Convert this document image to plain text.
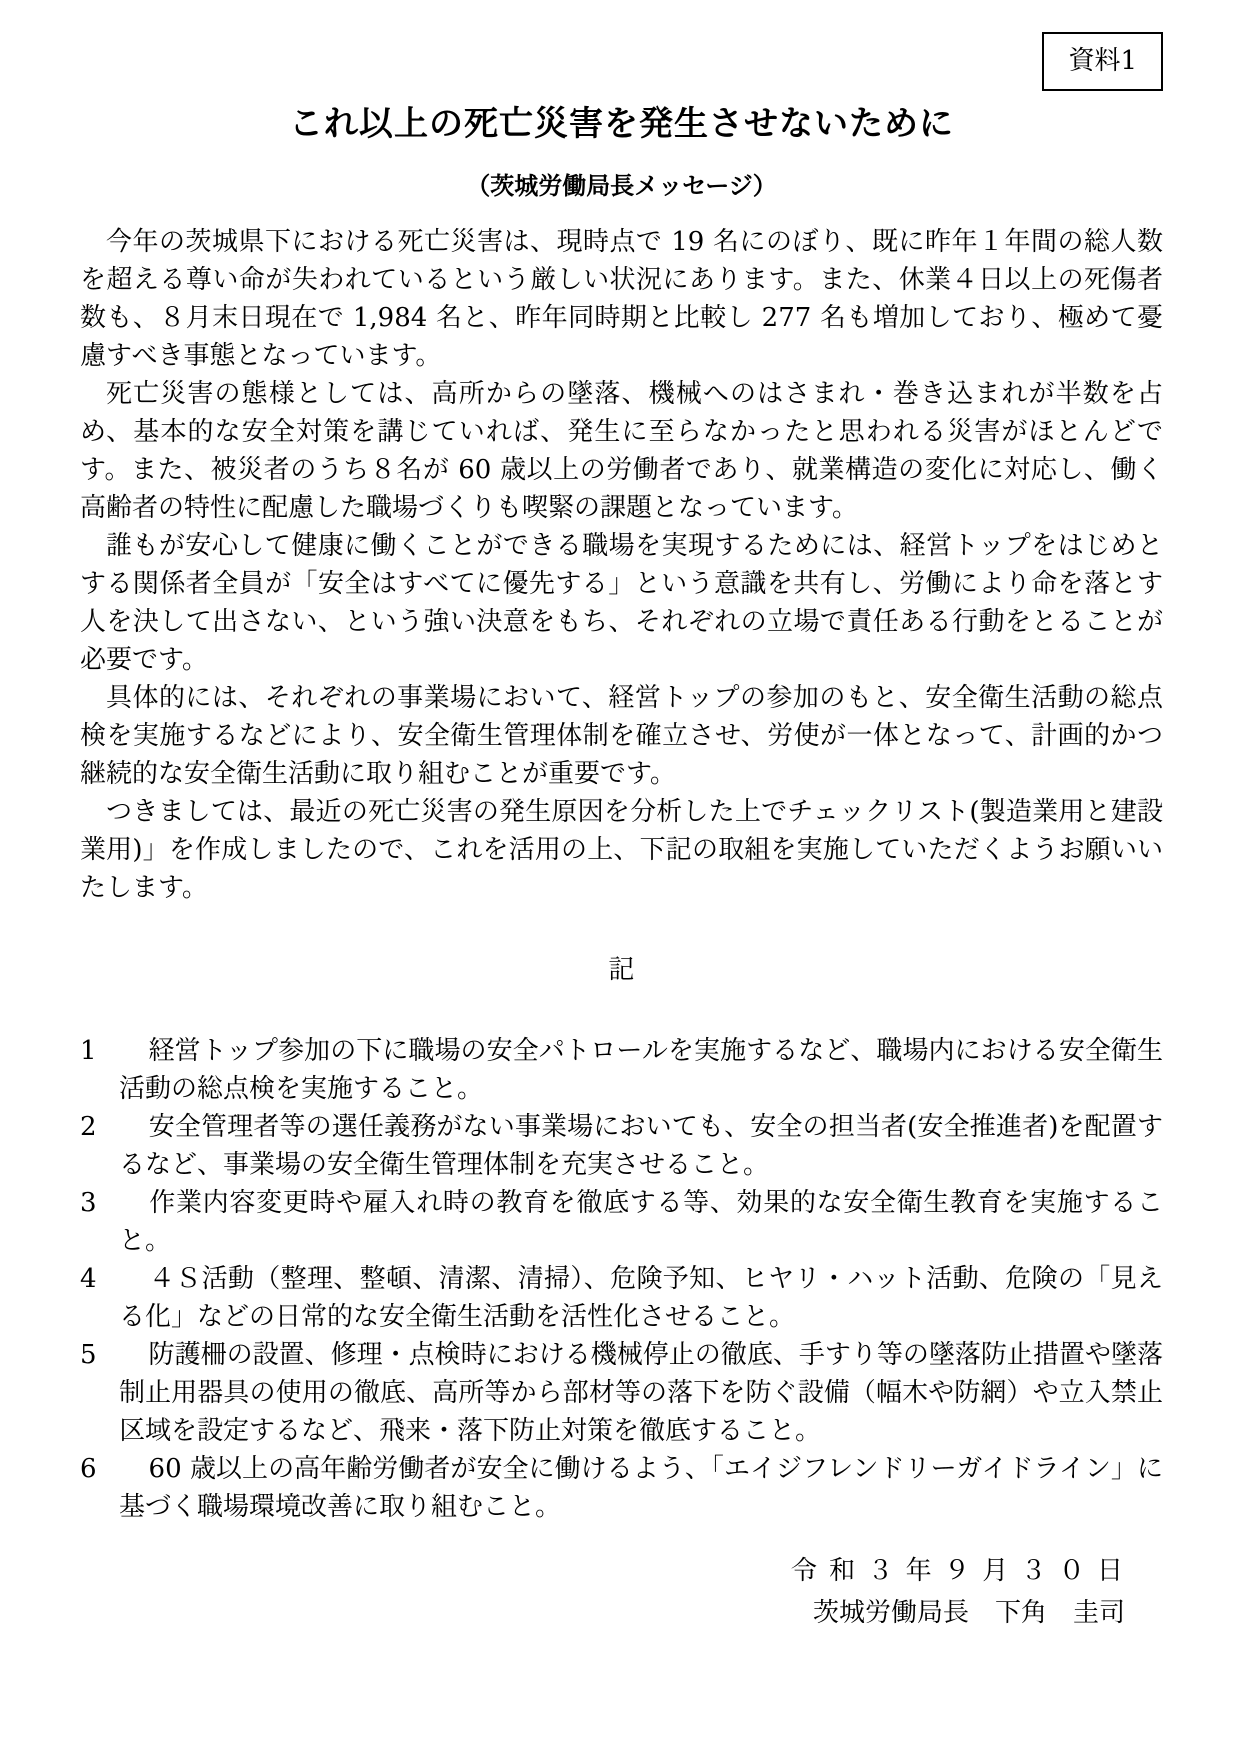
資料1
これ以上の死亡災害を発生させないために
（茨城労働局長メッセージ）

今年の茨城県下における死亡災害は、現時点で 19 名にのぼり、既に昨年１年間の総人数を超える尊い命が失われているという厳しい状況にあります。また、休業４日以上の死傷者数も、８月末日現在で 1,984 名と、昨年同時期と比較し 277 名も増加しており、極めて憂慮すべき事態となっています。

死亡災害の態様としては、高所からの墜落、機械へのはさまれ・巻き込まれが半数を占め、基本的な安全対策を講じていれば、発生に至らなかったと思われる災害がほとんどです。また、被災者のうち８名が 60 歳以上の労働者であり、就業構造の変化に対応し、働く高齢者の特性に配慮した職場づくりも喫緊の課題となっています。

誰もが安心して健康に働くことができる職場を実現するためには、経営トップをはじめとする関係者全員が「安全はすべてに優先する」という意識を共有し、労働により命を落とす人を決して出さない、という強い決意をもち、それぞれの立場で責任ある行動をとることが必要です。

具体的には、それぞれの事業場において、経営トップの参加のもと、安全衛生活動の総点検を実施するなどにより、安全衛生管理体制を確立させ、労使が一体となって、計画的かつ継続的な安全衛生活動に取り組むことが重要です。

つきましては、最近の死亡災害の発生原因を分析した上でチェックリスト(製造業用と建設業用)」を作成しましたので、これを活用の上、下記の取組を実施していただくようお願いいたします。

記

1 経営トップ参加の下に職場の安全パトロールを実施するなど、職場内における安全衛生活動の総点検を実施すること。

2 安全管理者等の選任義務がない事業場においても、安全の担当者(安全推進者)を配置するなど、事業場の安全衛生管理体制を充実させること。

3 作業内容変更時や雇入れ時の教育を徹底する等、効果的な安全衛生教育を実施すること。

4 ４Ｓ活動（整理、整頓、清潔、清掃）、危険予知、ヒヤリ・ハット活動、危険の「見える化」などの日常的な安全衛生活動を活性化させること。

5 防護柵の設置、修理・点検時における機械停止の徹底、手すり等の墜落防止措置や墜落制止用器具の使用の徹底、高所等から部材等の落下を防ぐ設備（幅木や防網）や立入禁止区域を設定するなど、飛来・落下防止対策を徹底すること。

6 60 歳以上の高年齢労働者が安全に働けるよう、「エイジフレンドリーガイドライン」に基づく職場環境改善に取り組むこと。

令 和 ３ 年 ９ 月 ３ ０ 日
茨城労働局長　下角　圭司
